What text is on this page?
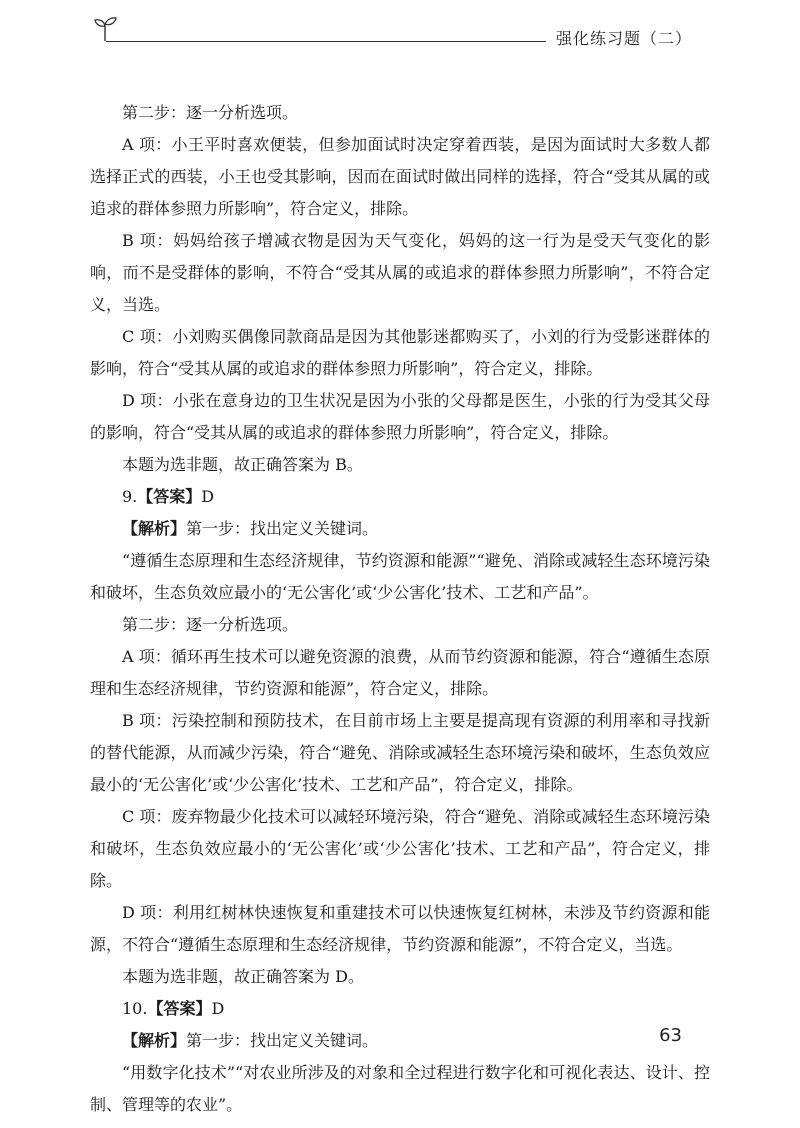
强化练习题（二）

第二步：逐一分析选项。

A 项：小王平时喜欢便装，但参加面试时决定穿着西装，是因为面试时大多数人都选择正式的西装，小王也受其影响，因而在面试时做出同样的选择，符合“受其从属的或追求的群体参照力所影响”，符合定义，排除。

B 项：妈妈给孩子增减衣物是因为天气变化，妈妈的这一行为是受天气变化的影响，而不是受群体的影响，不符合“受其从属的或追求的群体参照力所影响”，不符合定义，当选。

C 项：小刘购买偶像同款商品是因为其他影迷都购买了，小刘的行为受影迷群体的影响，符合“受其从属的或追求的群体参照力所影响”，符合定义，排除。

D 项：小张在意身边的卫生状况是因为小张的父母都是医生，小张的行为受其父母的影响，符合“受其从属的或追求的群体参照力所影响”，符合定义，排除。

本题为选非题，故正确答案为 B。

9.【答案】D

【解析】第一步：找出定义关键词。

“遵循生态原理和生态经济规律，节约资源和能源”“避免、消除或减轻生态环境污染和破坏，生态负效应最小的‘无公害化’或‘少公害化’技术、工艺和产品”。

第二步：逐一分析选项。

A 项：循环再生技术可以避免资源的浪费，从而节约资源和能源，符合“遵循生态原理和生态经济规律，节约资源和能源”，符合定义，排除。

B 项：污染控制和预防技术，在目前市场上主要是提高现有资源的利用率和寻找新的替代能源，从而减少污染，符合“避免、消除或减轻生态环境污染和破坏，生态负效应最小的‘无公害化’或‘少公害化’技术、工艺和产品”，符合定义，排除。

C 项：废弃物最少化技术可以减轻环境污染，符合“避免、消除或减轻生态环境污染和破坏，生态负效应最小的‘无公害化’或‘少公害化’技术、工艺和产品”，符合定义，排除。

D 项：利用红树林快速恢复和重建技术可以快速恢复红树林，未涉及节约资源和能源，不符合“遵循生态原理和生态经济规律，节约资源和能源”，不符合定义，当选。

本题为选非题，故正确答案为 D。

10.【答案】D

【解析】第一步：找出定义关键词。

“用数字化技术”“对农业所涉及的对象和全过程进行数字化和可视化表达、设计、控制、管理等的农业”。

63
